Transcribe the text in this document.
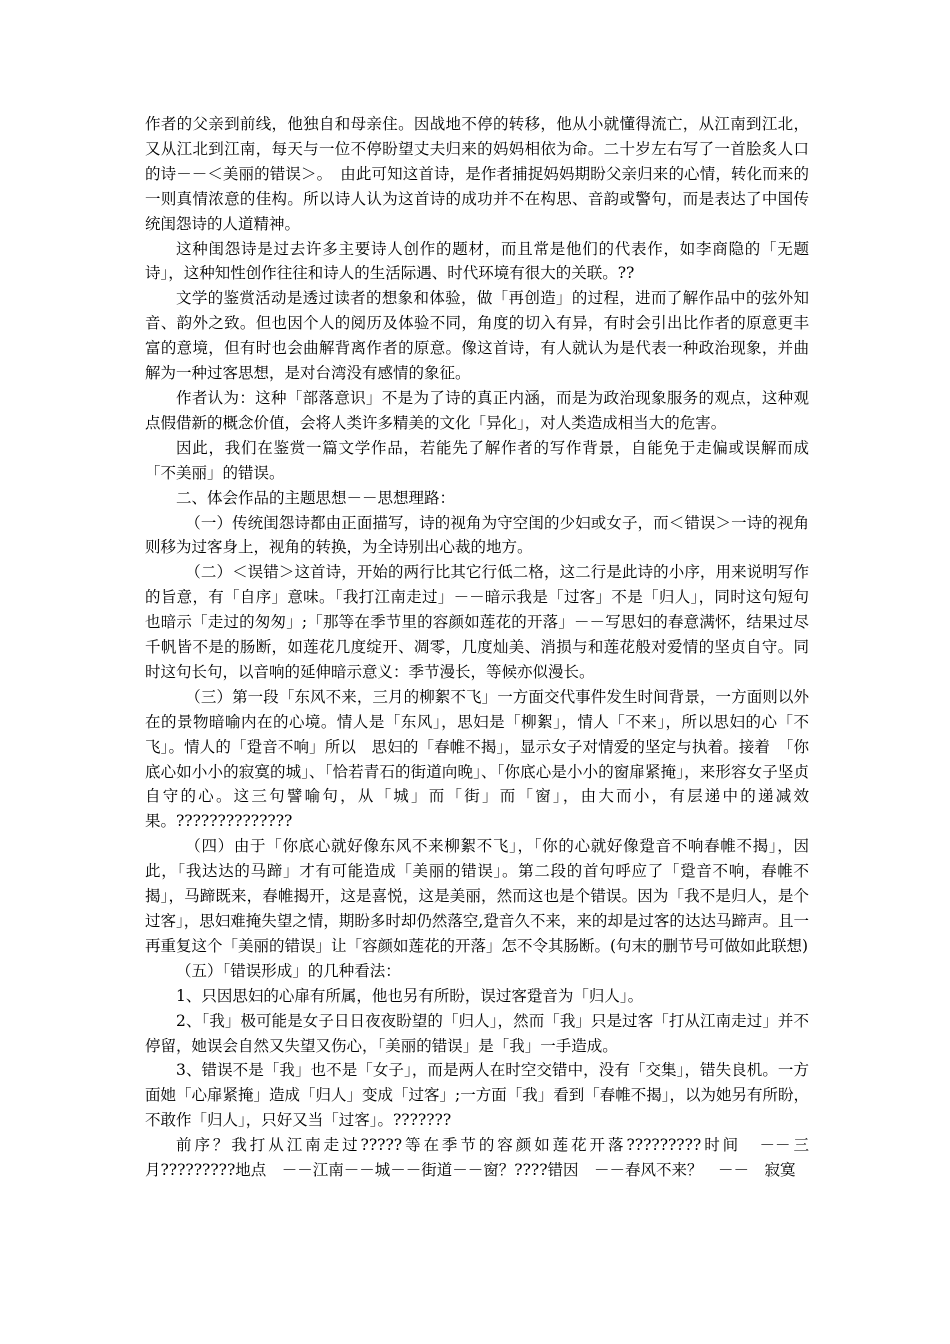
作者的父亲到前线，他独自和母亲住。因战地不停的转移，他从小就懂得流亡，从江南到江北，又从江北到江南，每天与一位不停盼望丈夫归来的妈妈相依为命。二十岁左右写了一首脍炙人口的诗－－＜美丽的错误＞。　由此可知这首诗，是作者捕捉妈妈期盼父亲归来的心情，转化而来的一则真情浓意的佳构。所以诗人认为这首诗的成功并不在构思、音韵或警句，而是表达了中国传统闺怨诗的人道精神。

这种闺怨诗是过去许多主要诗人创作的题材，而且常是他们的代表作，如李商隐的「无题诗」，这种知性创作往往和诗人的生活际遇、时代环境有很大的关联。??

文学的鉴赏活动是透过读者的想象和体验，做「再创造」的过程，进而了解作品中的弦外知音、韵外之致。但也因个人的阅历及体验不同，角度的切入有异，有时会引出比作者的原意更丰富的意境，但有时也会曲解背离作者的原意。像这首诗，有人就认为是代表一种政治现象，并曲解为一种过客思想，是对台湾没有感情的象征。

作者认为：这种「部落意识」不是为了诗的真正内涵，而是为政治现象服务的观点，这种观点假借新的概念价值，会将人类许多精美的文化「异化」，对人类造成相当大的危害。

因此，我们在鉴赏一篇文学作品，若能先了解作者的写作背景，自能免于走偏或误解而成「不美丽」的错误。

二、体会作品的主题思想－－思想理路：

（一）传统闺怨诗都由正面描写，诗的视角为守空闺的少妇或女子，而＜错误＞一诗的视角则移为过客身上，视角的转换，为全诗别出心裁的地方。

（二）＜误错＞这首诗，开始的两行比其它行低二格，这二行是此诗的小序，用来说明写作的旨意，有「自序」意味。「我打江南走过」－－暗示我是「过客」不是「归人」，同时这句短句也暗示「走过的匆匆」;「那等在季节里的容颜如莲花的开落」－－写思妇的春意满怀，结果过尽千帆皆不是的肠断，如莲花几度绽开、凋零，几度灿美、消损与和莲花般对爱情的坚贞自守。同时这句长句，以音响的延伸暗示意义：季节漫长，等候亦似漫长。

（三）第一段「东风不来，三月的柳絮不飞」一方面交代事件发生时间背景，一方面则以外在的景物暗喻内在的心境。情人是「东风」，思妇是「柳絮」，情人「不来」，所以思妇的心「不飞」。情人的「跫音不响」所以　思妇的「春帷不揭」，显示女子对情爱的坚定与执着。接着　「你底心如小小的寂寞的城」、「恰若青石的街道向晚」、「你底心是小小的窗扉紧掩」，来形容女子坚贞自守的心。这三句譬喻句，从「城」而「街」而「窗」，由大而小，有层递中的递减效果。??????????????

（四）由于「你底心就好像东风不来柳絮不飞」，「你的心就好像跫音不响春帷不揭」，因此，「我达达的马蹄」才有可能造成「美丽的错误」。第二段的首句呼应了「跫音不响，春帷不揭」，马蹄既来，春帷揭开，这是喜悦，这是美丽，然而这也是个错误。因为「我不是归人，是个过客」，思妇难掩失望之情，期盼多时却仍然落空,跫音久不来，来的却是过客的达达马蹄声。且一再重复这个「美丽的错误」让「容颜如莲花的开落」怎不令其肠断。(句末的删节号可做如此联想)

（五）「错误形成」的几种看法：

1、只因思妇的心扉有所属，他也另有所盼，误过客跫音为「归人」。

2、「我」极可能是女子日日夜夜盼望的「归人」，然而「我」只是过客「打从江南走过」并不停留，她误会自然又失望又伤心，「美丽的错误」是「我」一手造成。

3、错误不是「我」也不是「女子」，而是两人在时空交错中，没有「交集」，错失良机。一方面她「心扉紧掩」造成「归人」变成「过客」;一方面「我」看到「春帷不揭」，以为她另有所盼，不敢作「归人」，只好又当「过客」。???????

前序？我打从江南走过?????等在季节的容颜如莲花开落?????????时间　－－三月?????????地点　－－江南－－城－－街道－－窗？????错因　－－春风不来？　－－　寂寞
